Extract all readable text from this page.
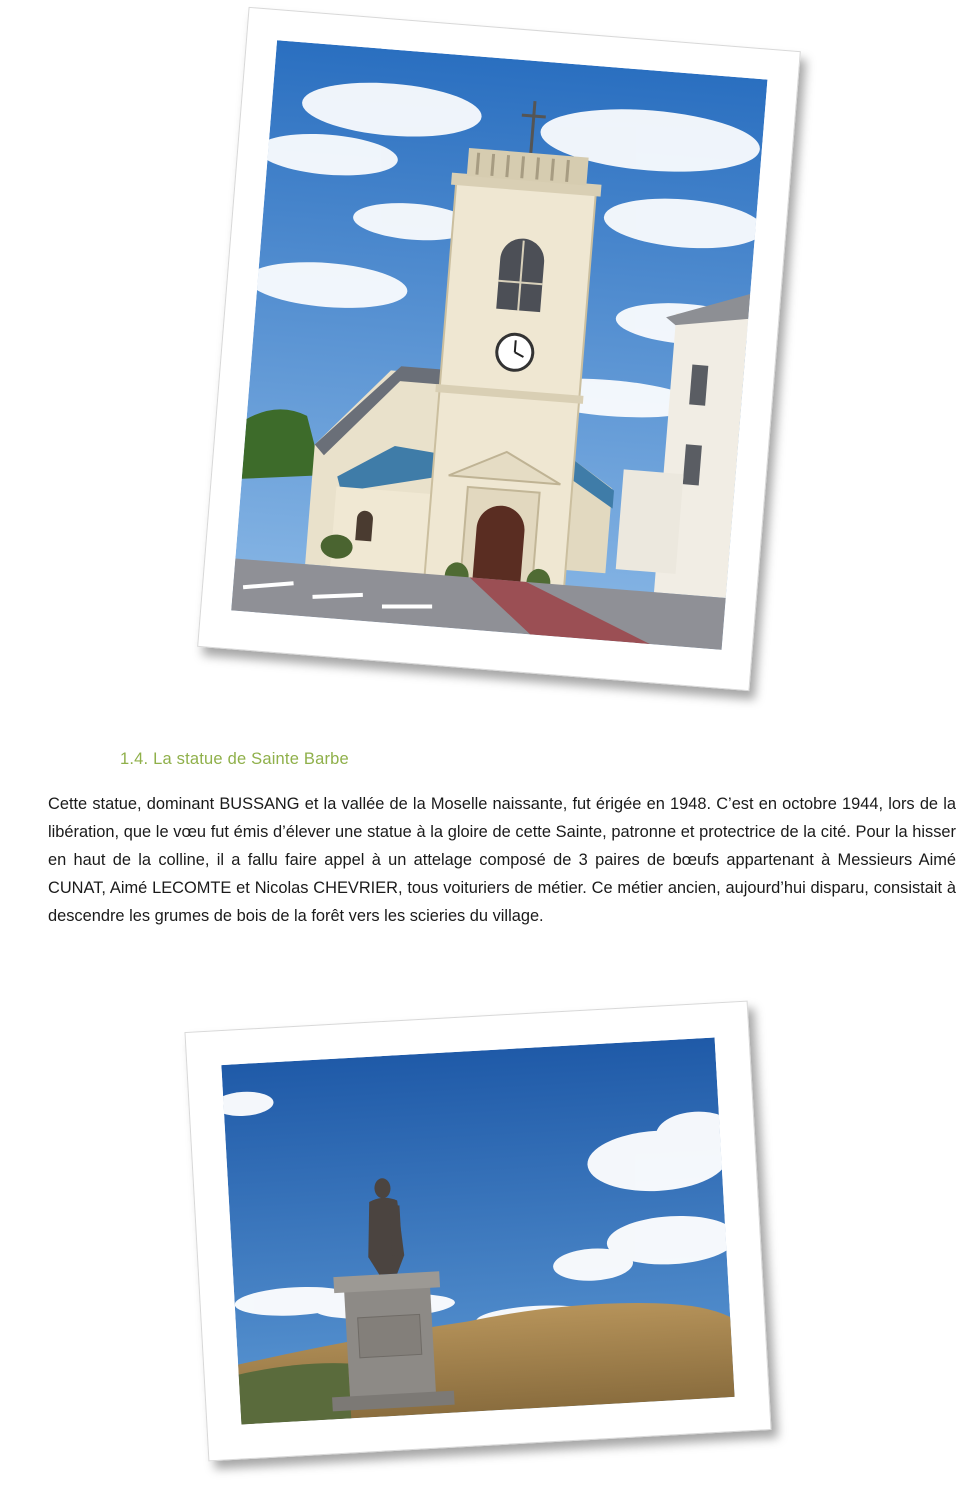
1.4. La statue de Sainte Barbe

Cette statue, dominant BUSSANG et la vallée de la Moselle naissante, fut érigée en 1948. C’est en octobre 1944, lors de la libération, que le vœu fut émis d’élever une statue à la gloire de cette Sainte, patronne et protectrice de la cité. Pour la hisser en haut de la colline, il a fallu faire appel à un attelage composé de 3 paires de bœufs appartenant à Messieurs Aimé CUNAT, Aimé LECOMTE et Nicolas CHEVRIER, tous voituriers de métier. Ce métier ancien, aujourd’hui disparu, consistait à descendre les grumes de bois de la forêt vers les scieries du village.
